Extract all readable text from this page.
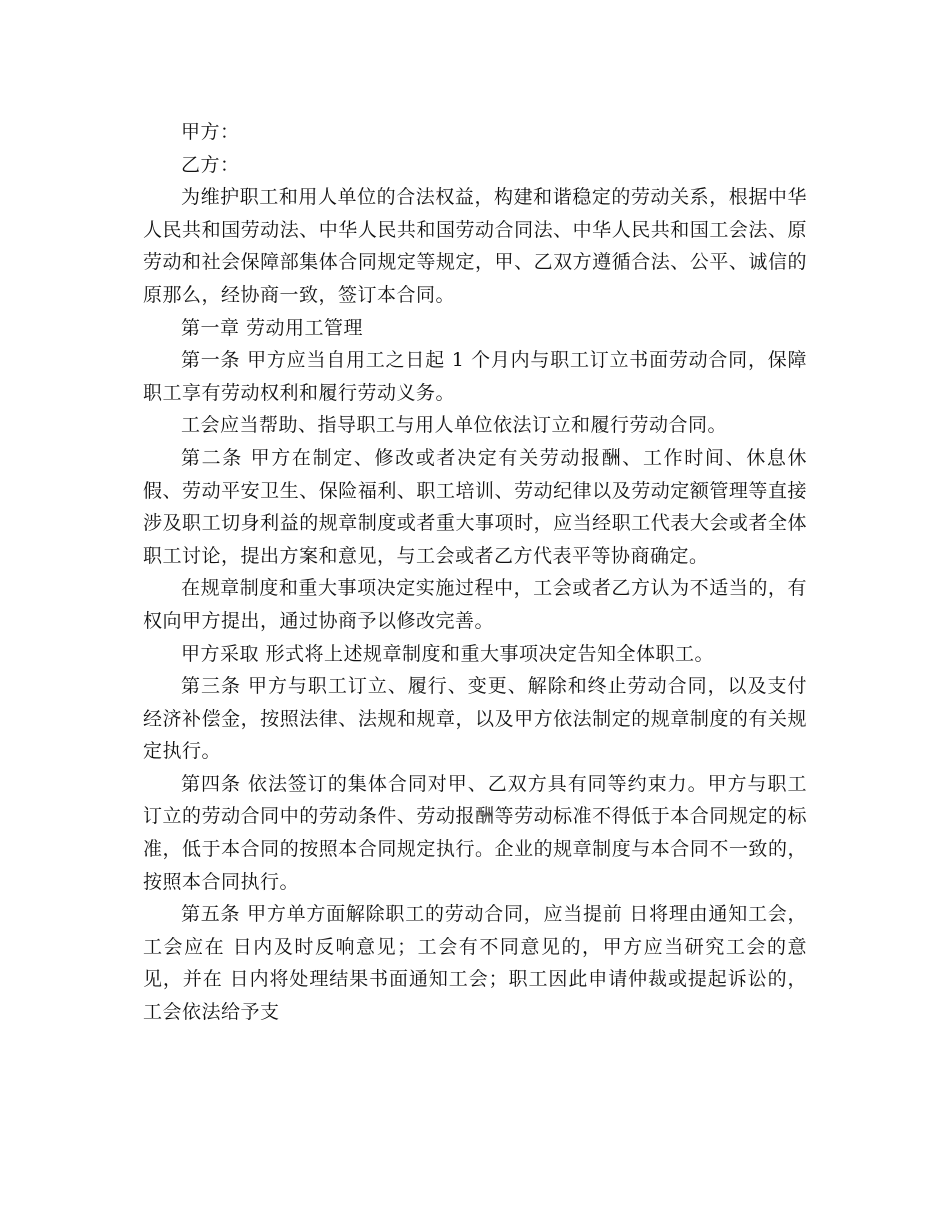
甲方：

乙方：

为维护职工和用人单位的合法权益，构建和谐稳定的劳动关系，根据中华人民共和国劳动法、中华人民共和国劳动合同法、中华人民共和国工会法、原劳动和社会保障部集体合同规定等规定，甲、乙双方遵循合法、公平、诚信的原那么，经协商一致，签订本合同。

第一章 劳动用工管理

第一条 甲方应当自用工之日起 1 个月内与职工订立书面劳动合同，保障职工享有劳动权利和履行劳动义务。

工会应当帮助、指导职工与用人单位依法订立和履行劳动合同。

第二条 甲方在制定、修改或者决定有关劳动报酬、工作时间、休息休假、劳动平安卫生、保险福利、职工培训、劳动纪律以及劳动定额管理等直接涉及职工切身利益的规章制度或者重大事项时，应当经职工代表大会或者全体职工讨论，提出方案和意见，与工会或者乙方代表平等协商确定。

在规章制度和重大事项决定实施过程中，工会或者乙方认为不适当的，有权向甲方提出，通过协商予以修改完善。

甲方采取 形式将上述规章制度和重大事项决定告知全体职工。

第三条 甲方与职工订立、履行、变更、解除和终止劳动合同，以及支付经济补偿金，按照法律、法规和规章，以及甲方依法制定的规章制度的有关规定执行。

第四条 依法签订的集体合同对甲、乙双方具有同等约束力。甲方与职工订立的劳动合同中的劳动条件、劳动报酬等劳动标准不得低于本合同规定的标准，低于本合同的按照本合同规定执行。企业的规章制度与本合同不一致的，按照本合同执行。

第五条 甲方单方面解除职工的劳动合同，应当提前 日将理由通知工会，工会应在 日内及时反响意见；工会有不同意见的，甲方应当研究工会的意见，并在 日内将处理结果书面通知工会；职工因此申请仲裁或提起诉讼的，工会依法给予支
